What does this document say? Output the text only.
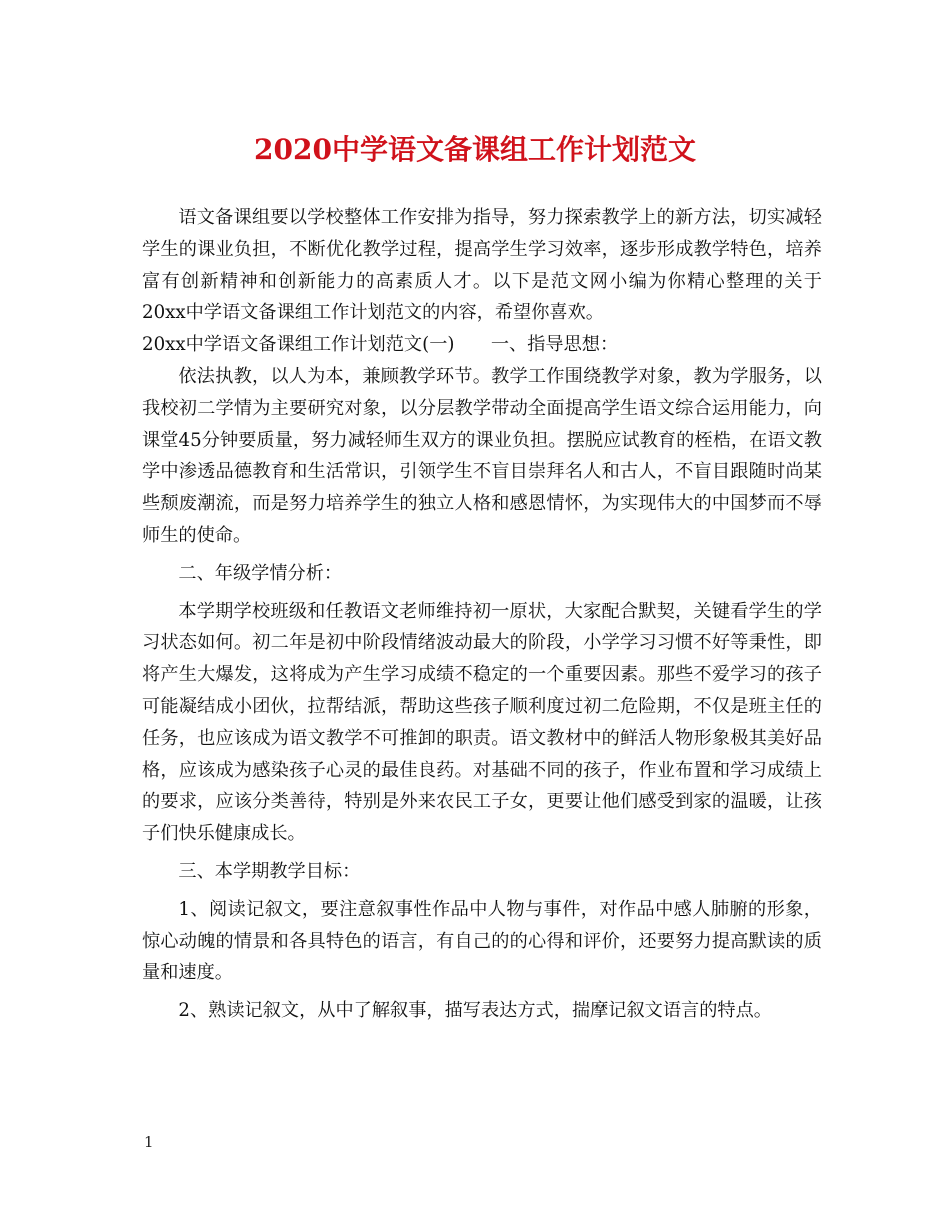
2020中学语文备课组工作计划范文

语文备课组要以学校整体工作安排为指导，努力探索教学上的新方法，切实减轻学生的课业负担，不断优化教学过程，提高学生学习效率，逐步形成教学特色，培养富有创新精神和创新能力的高素质人才。以下是范文网小编为你精心整理的关于20xx中学语文备课组工作计划范文的内容，希望你喜欢。

20xx中学语文备课组工作计划范文(一)　　一、指导思想：

依法执教，以人为本，兼顾教学环节。教学工作围绕教学对象，教为学服务，以我校初二学情为主要研究对象，以分层教学带动全面提高学生语文综合运用能力，向课堂45分钟要质量，努力减轻师生双方的课业负担。摆脱应试教育的桎梏，在语文教学中渗透品德教育和生活常识，引领学生不盲目崇拜名人和古人，不盲目跟随时尚某些颓废潮流，而是努力培养学生的独立人格和感恩情怀，为实现伟大的中国梦而不辱师生的使命。

二、年级学情分析：

本学期学校班级和任教语文老师维持初一原状，大家配合默契，关键看学生的学习状态如何。初二年是初中阶段情绪波动最大的阶段，小学学习习惯不好等秉性，即将产生大爆发，这将成为产生学习成绩不稳定的一个重要因素。那些不爱学习的孩子可能凝结成小团伙，拉帮结派，帮助这些孩子顺利度过初二危险期，不仅是班主任的任务，也应该成为语文教学不可推卸的职责。语文教材中的鲜活人物形象极其美好品格，应该成为感染孩子心灵的最佳良药。对基础不同的孩子，作业布置和学习成绩上的要求，应该分类善待，特别是外来农民工子女，更要让他们感受到家的温暖，让孩子们快乐健康成长。

三、本学期教学目标：

1、阅读记叙文，要注意叙事性作品中人物与事件，对作品中感人肺腑的形象，惊心动魄的情景和各具特色的语言，有自己的的心得和评价，还要努力提高默读的质量和速度。

2、熟读记叙文，从中了解叙事，描写表达方式，揣摩记叙文语言的特点。

1
